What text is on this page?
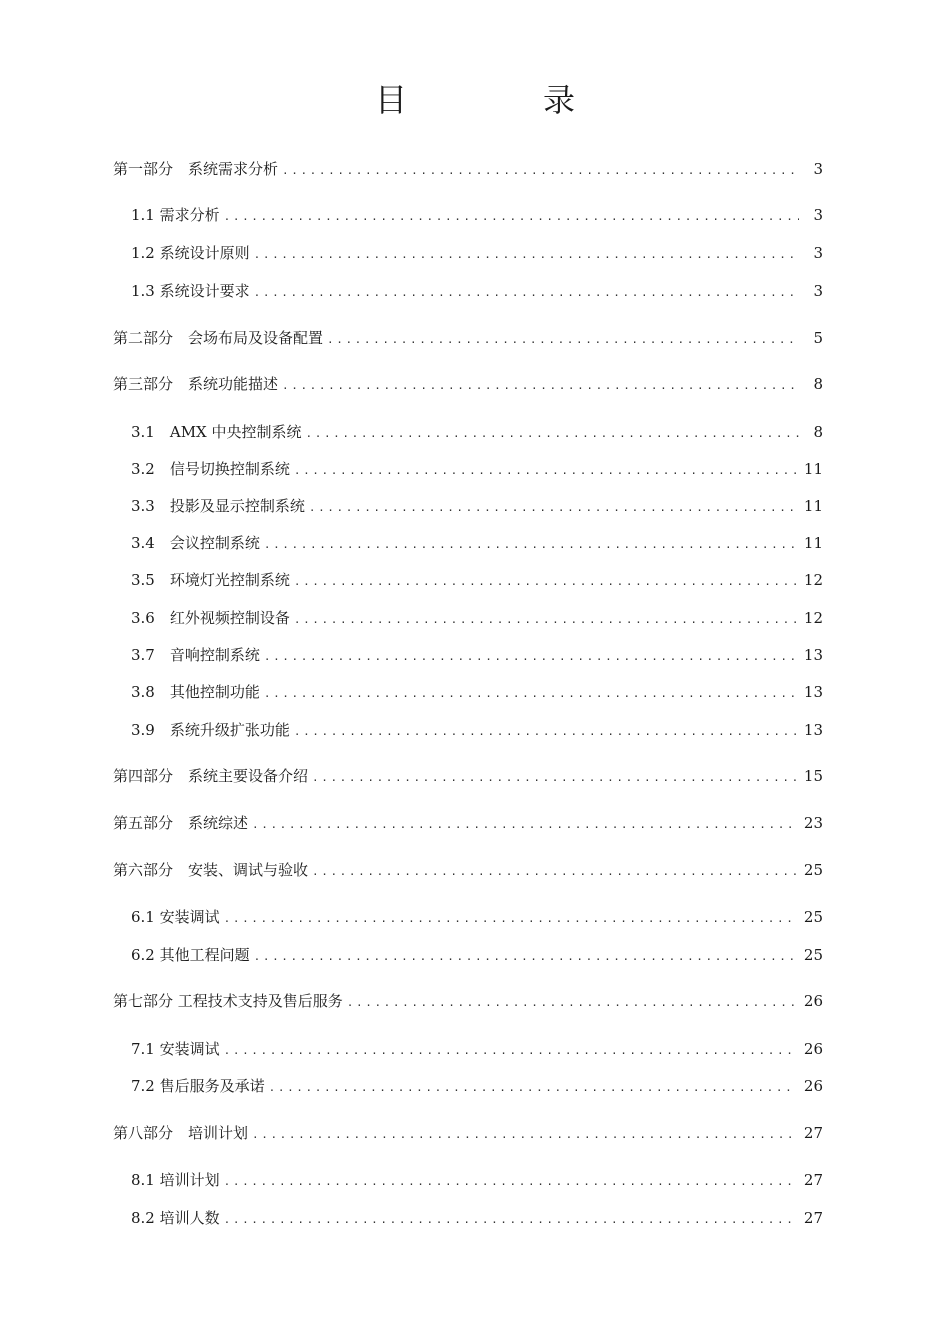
目　录
第一部分　系统需求分析 .....	3
1.1 需求分析 .....	3
1.2 系统设计原则 .....	3
1.3 系统设计要求 .....	3
第二部分　会场布局及设备配置 .....	5
第三部分　系统功能描述 .....	8
3.1　AMX 中央控制系统 .....	8
3.2　信号切换控制系统 .....	11
3.3　投影及显示控制系统 .....	11
3.4　会议控制系统 .....	11
3.5　环境灯光控制系统 .....	12
3.6　红外视频控制设备 .....	12
3.7　音响控制系统 .....	13
3.8　其他控制功能 .....	13
3.9　系统升级扩张功能 .....	13
第四部分　系统主要设备介绍 .....	15
第五部分　系统综述 .....	23
第六部分　安装、调试与验收 .....	25
6.1 安装调试 .....	25
6.2 其他工程问题 .....	25
第七部分 工程技术支持及售后服务 .....	26
7.1 安装调试 .....	26
7.2 售后服务及承诺 .....	26
第八部分　培训计划 .....	27
8.1 培训计划 .....	27
8.2 培训人数 .....	27
